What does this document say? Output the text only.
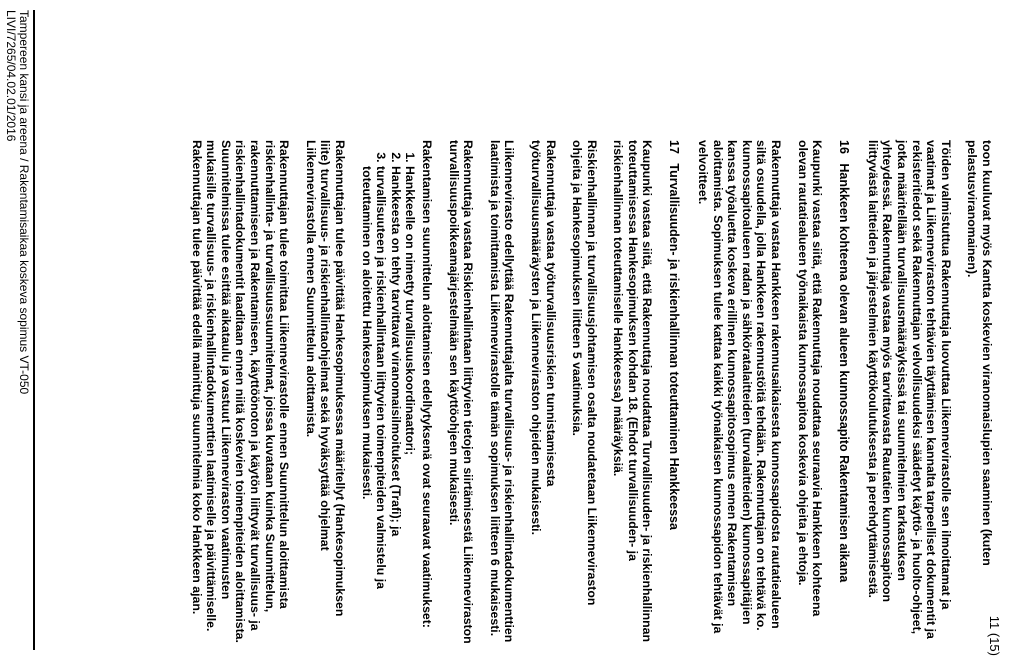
11 (15)

toon kuuluvat myös Kantta koskevien viranomaislupien saaminen (kuten pelastusviranomainen).

Töiden valmistuttua Rakennuttaja luovuttaa Liikennevirastolle sen ilmoittamat ja vaatimat ja Liikenneviraston tehtävien täyttämisen kannalta tarpeelliset dokumentit ja rekisteritiedot sekä Rakennuttajan velvollisuudeksi säädetyt käyttö- ja huolto-ohjeet, jotka määritellään turvallisuusmääräyksissä tai suunnitelmien tarkastuksen yhteydessä. Rakennuttaja vastaa myös tarvittavasta Rautatien kunnossapitoon liittyvästä laitteiden ja järjestelmien käyttökoulutuksesta ja perehdyttämisestä.

16 Hankkeen kohteena olevan alueen kunnossapito Rakentamisen aikana

Kaupunki vastaa siitä, että Rakennuttaja noudattaa seuraavia Hankkeen kohteena olevan rautatiealueen työnaikaista kunnossapitoa koskevia ohjeita ja ehtoja.

Rakennuttaja vastaa Hankkeen rakennusaikaisesta kunnossapidosta rautatiealueen siltä osuudella, jolla Hankkeen rakennustöitä tehdään. Rakennuttajan on tehtävä ko. kunnossapitoalueen radan ja sähköratalaitteiden (turvalaitteiden) kunnossapitäjien kanssa työaluetta koskeva erillinen kunnossapitosopimus ennen Rakentamisen aloittamista. Sopimuksen tulee kattaa kaikki työnaikaisen kunnossapidon tehtävät ja velvoitteet.

17 Turvallisuuden- ja riskienhallinnan toteuttaminen Hankkeessa

Kaupunki vastaa siitä, että Rakennuttaja noudattaa Turvallisuuden- ja riskienhallinnan toteuttamisessa Hankesopimuksen kohdan 18. (Ehdot turvallisuuden- ja riskienhallinnan toteuttamiselle Hankkeessa) määräyksiä.

Riskienhallinnan ja turvallisuusjohtamisen osalta noudatetaan Liikenneviraston ohjeita ja Hankesopimuksen liitteen 5 vaatimuksia.

Rakennuttaja vastaa työturvallisuusriskien tunnistamisesta työturvallisuusmääräysten ja Liikenneviraston ohjeiden mukaisesti.

Liikennevirasto edellyttää Rakennuttajalta turvallisuus- ja riskienhallintadokumenttien laatimista ja toimittamista Liikennevirastolle tämän sopimuksen liitteen 6 mukaisesti.

Rakennuttaja vastaa Riskienhallintaan liittyvien tietojen siirtämisestä Liikenneviraston turvallisuuspoikkeamajärjestelmään sen käyttöohjeen mukaisesti.

Rakentamisen suunnittelun aloittamisen edellytyksenä ovat seuraavat vaatimukset:

1. Hankkeelle on nimetty turvallisuuskoordinaattori;
2. Hankkeesta on tehty tarvittavat viranomaisilmoitukset (Trafi); ja
3. turvallisuuteen ja riskienhallintaan liittyvien toimenpiteiden valmistelu ja toteuttaminen on aloitettu Hankesopimuksen mukaisesti.

Rakennuttajan tulee päivittää Hankesopimuksessa määritellyt (Hankesopimuksen liite) turvallisuus- ja riskienhallintaohjelmat sekä hyväksyttää ohjelmat Liikennevirastolla ennen Suunnittelun aloittamista.

Rakennuttajan tulee toimittaa Liikennevirastolle ennen Suunnittelun aloittamista riskienhallinta- ja turvallisuussuunnitelmat, joissa kuvataan kuinka Suunnittelun, rakennuttamiseen ja Rakentamiseen, käyttöönoton ja käytön liittyvät turvallisuus- ja riskienhallintadokumentit laaditaan ennen niitä koskevien toimenpiteiden aloittamista. Suunnitelmissa tulee esittää aikataulu ja vastuut Liikenneviraston vaatimusten mukaisille turvallisuus- ja riskienhallintadokumenttien laatimiselle ja päivittämiselle. Rakennuttajan tulee päivittää edellä mainittuja suunnitelmia koko Hankkeen ajan.

Tampereen kansi ja areena / Rakentamisaikaa koskeva sopimus VT-050
LIVI/7265/04.02.01/2016
